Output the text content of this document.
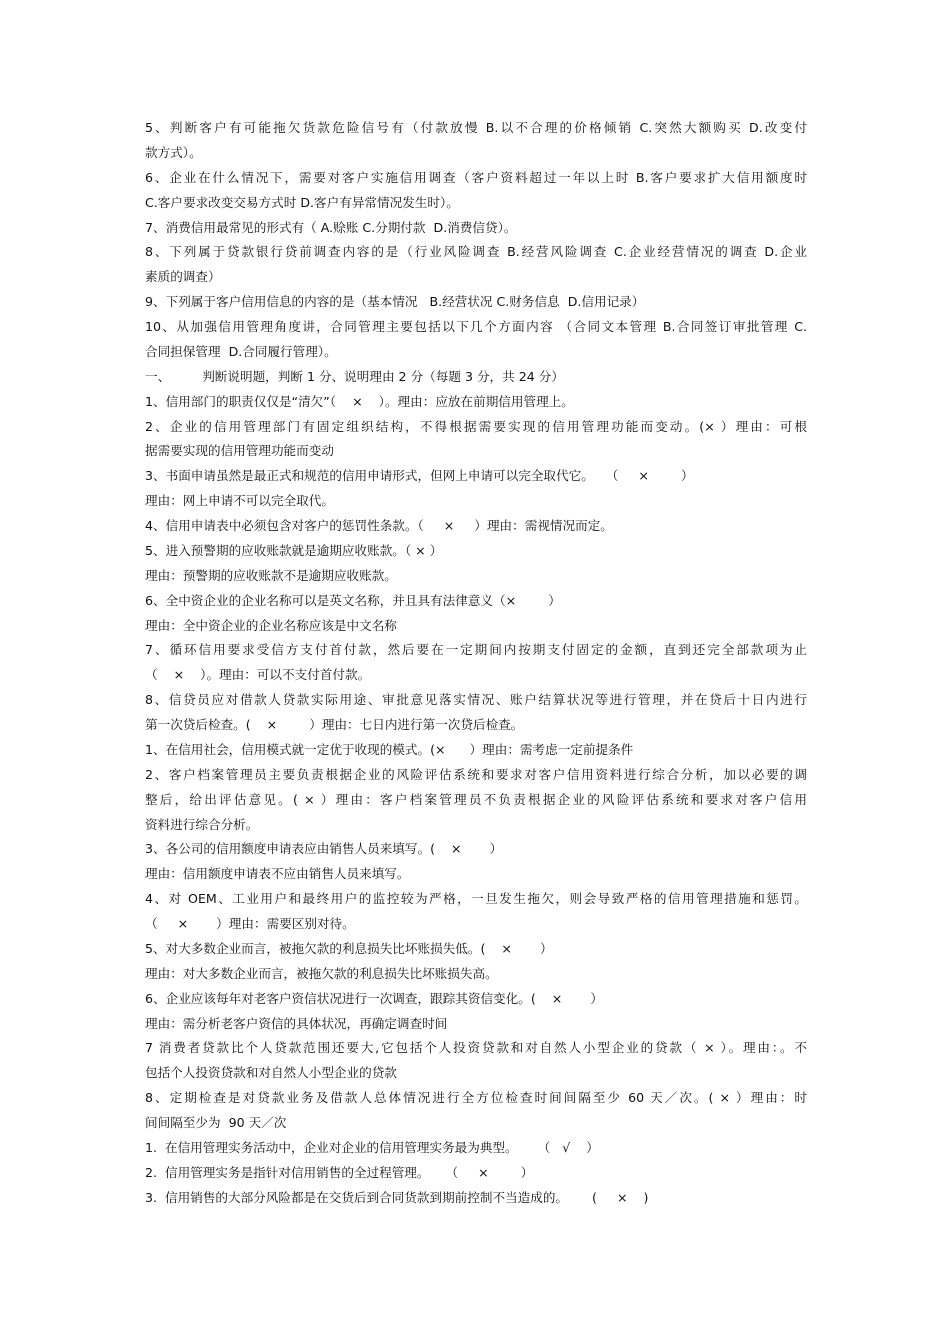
5、判断客户有可能拖欠货款危险信号有（付款放慢 B.以不合理的价格倾销 C.突然大额购买 D.改变付
款方式）。
6、企业在什么情况下，需要对客户实施信用调查（客户资料超过一年以上时 B.客户要求扩大信用额度时
C.客户要求改变交易方式时 D.客户有异常情况发生时）。
7、消费信用最常见的形式有（ A.赊账 C.分期付款  D.消费信贷）。
8、下列属于贷款银行贷前调查内容的是（行业风险调查 B.经营风险调查 C.企业经营情况的调查 D.企业
素质的调查）
9、下列属于客户信用信息的内容的是（基本情况   B.经营状况 C.财务信息  D.信用记录）
10、从加强信用管理角度讲，合同管理主要包括以下几个方面内容 （合同文本管理 B.合同签订审批管理 C.
合同担保管理  D.合同履行管理）。
一、        判断说明题，判断 1 分、说明理由 2 分（每题 3 分，共 24 分）
1、信用部门的职责仅仅是“清欠”（    ×    ）。理由：应放在前期信用管理上。
2、企业的信用管理部门有固定组织结构，不得根据需要实现的信用管理功能而变动。(× ）理由：可根
据需要实现的信用管理功能而变动
3、书面申请虽然是最正式和规范的信用申请形式，但网上申请可以完全取代它。   （     ×        ）
理由：网上申请不可以完全取代。
4、信用申请表中必须包含对客户的惩罚性条款。（     ×     ）理由：需视情况而定。
5、进入预警期的应收账款就是逾期应收账款。（ × ）
理由：预警期的应收账款不是逾期应收账款。
6、全中资企业的企业名称可以是英文名称，并且具有法律意义（×        ）
理由：全中资企业的企业名称应该是中文名称
7、循环信用要求受信方支付首付款，然后要在一定期间内按期支付固定的金额，直到还完全部款项为止
（    ×    ）。理由：可以不支付首付款。
8、信贷员应对借款人贷款实际用途、审批意见落实情况、账户结算状况等进行管理，并在贷后十日内进行
第一次贷后检查。(    ×        ）理由：七日内进行第一次贷后检查。
1、在信用社会，信用模式就一定优于收现的模式。(×      ）理由：需考虑一定前提条件
2、客户档案管理员主要负责根据企业的风险评估系统和要求对客户信用资料进行综合分析，加以必要的调
整后，给出评估意见。( × ）理由：客户档案管理员不负责根据企业的风险评估系统和要求对客户信用
资料进行综合分析。
3、各公司的信用额度申请表应由销售人员来填写。(    ×       ）
理由：信用额度申请表不应由销售人员来填写。
4、对 OEM、工业用户和最终用户的监控较为严格，一旦发生拖欠，则会导致严格的信用管理措施和惩罚。
（     ×       ）理由：需要区别对待。
5、对大多数企业而言，被拖欠款的利息损失比坏账损失低。(    ×       ）
理由：对大多数企业而言，被拖欠款的利息损失比坏账损失高。
6、企业应该每年对老客户资信状况进行一次调查，跟踪其资信变化。(    ×       ）
理由：需分析老客户资信的具体状况，再确定调查时间
7 消费者贷款比个人贷款范围还要大,它包括个人投资贷款和对自然人小型企业的贷款（ × ）。理由：。不
包括个人投资贷款和对自然人小型企业的贷款
8、定期检查是对贷款业务及借款人总体情况进行全方位检查时间间隔至少 60 天／次。( × ）理由：时
间间隔至少为  90 天／次
1.  在信用管理实务活动中，企业对企业的信用管理实务最为典型。     （   √    ）
2.  信用管理实务是指针对信用销售的全过程管理。    （     ×        ）
3.  信用销售的大部分风险都是在交货后到合同货款到期前控制不当造成的。      (     ×    )
